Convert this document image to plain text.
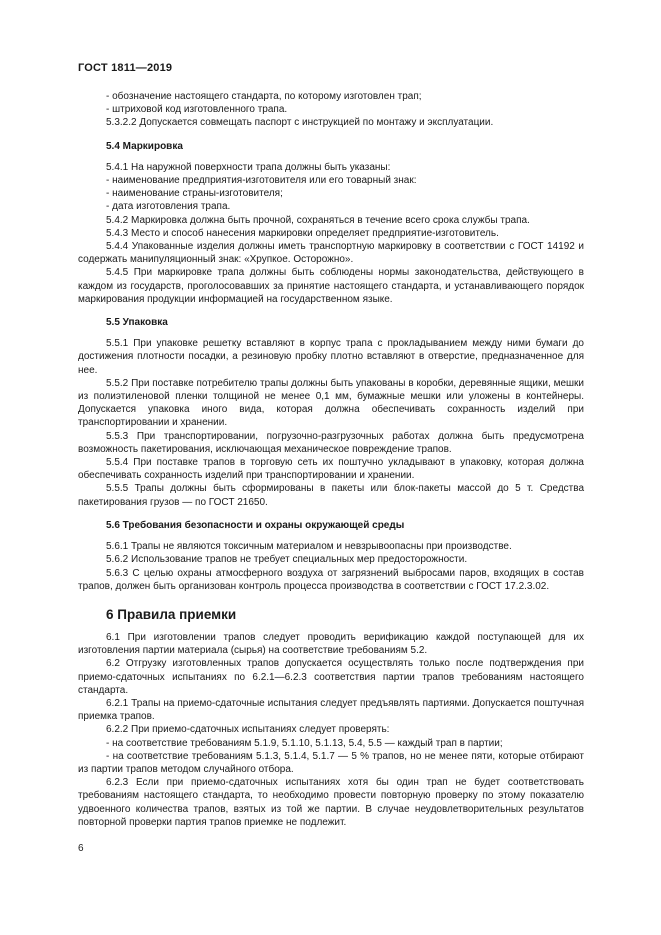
ГОСТ 1811—2019

- обозначение настоящего стандарта, по которому изготовлен трап;

- штриховой код изготовленного трапа.

5.3.2.2 Допускается совмещать паспорт с инструкцией по монтажу и эксплуатации.

5.4 Маркировка

5.4.1 На наружной поверхности трапа должны быть указаны:

- наименование предприятия-изготовителя или его товарный знак:

- наименование страны-изготовителя;

- дата изготовления трапа.

5.4.2 Маркировка должна быть прочной, сохраняться в течение всего срока службы трапа.

5.4.3 Место и способ нанесения маркировки определяет предприятие-изготовитель.

5.4.4 Упакованные изделия должны иметь транспортную маркировку в соответствии с ГОСТ 14192 и содержать манипуляционный знак: «Хрупкое. Осторожно».

5.4.5 При маркировке трапа должны быть соблюдены нормы законодательства, действующего в каждом из государств, проголосовавших за принятие настоящего стандарта, и устанавливающего порядок маркирования продукции информацией на государственном языке.

5.5 Упаковка

5.5.1 При упаковке решетку вставляют в корпус трапа с прокладыванием между ними бумаги до достижения плотности посадки, а резиновую пробку плотно вставляют в отверстие, предназначенное для нее.

5.5.2 При поставке потребителю трапы должны быть упакованы в коробки, деревянные ящики, мешки из полиэтиленовой пленки толщиной не менее 0,1 мм, бумажные мешки или уложены в контейнеры. Допускается упаковка иного вида, которая должна обеспечивать сохранность изделий при транспортировании и хранении.

5.5.3 При транспортировании, погрузочно-разгрузочных работах должна быть предусмотрена возможность пакетирования, исключающая механическое повреждение трапов.

5.5.4 При поставке трапов в торговую сеть их поштучно укладывают в упаковку, которая должна обеспечивать сохранность изделий при транспортировании и хранении.

5.5.5 Трапы должны быть сформированы в пакеты или блок-пакеты массой до 5 т. Средства пакетирования грузов — по ГОСТ 21650.

5.6 Требования безопасности и охраны окружающей среды

5.6.1 Трапы не являются токсичным материалом и невзрывоопасны при производстве.

5.6.2 Использование трапов не требует специальных мер предосторожности.

5.6.3 С целью охраны атмосферного воздуха от загрязнений выбросами паров, входящих в состав трапов, должен быть организован контроль процесса производства в соответствии с ГОСТ 17.2.3.02.

6 Правила приемки

6.1 При изготовлении трапов следует проводить верификацию каждой поступающей для их изготовления партии материала (сырья) на соответствие требованиям 5.2.

6.2 Отгрузку изготовленных трапов допускается осуществлять только после подтверждения при приемо-сдаточных испытаниях по 6.2.1—6.2.3 соответствия партии трапов требованиям настоящего стандарта.

6.2.1 Трапы на приемо-сдаточные испытания следует предъявлять партиями. Допускается поштучная приемка трапов.

6.2.2 При приемо-сдаточных испытаниях следует проверять:

- на соответствие требованиям 5.1.9, 5.1.10, 5.1.13, 5.4, 5.5 — каждый трап в партии;

- на соответствие требованиям 5.1.3, 5.1.4, 5.1.7 — 5 % трапов, но не менее пяти, которые отбирают из партии трапов методом случайного отбора.

6.2.3 Если при приемо-сдаточных испытаниях хотя бы один трап не будет соответствовать требованиям настоящего стандарта, то необходимо провести повторную проверку по этому показателю удвоенного количества трапов, взятых из той же партии. В случае неудовлетворительных результатов повторной проверки партия трапов приемке не подлежит.

6
